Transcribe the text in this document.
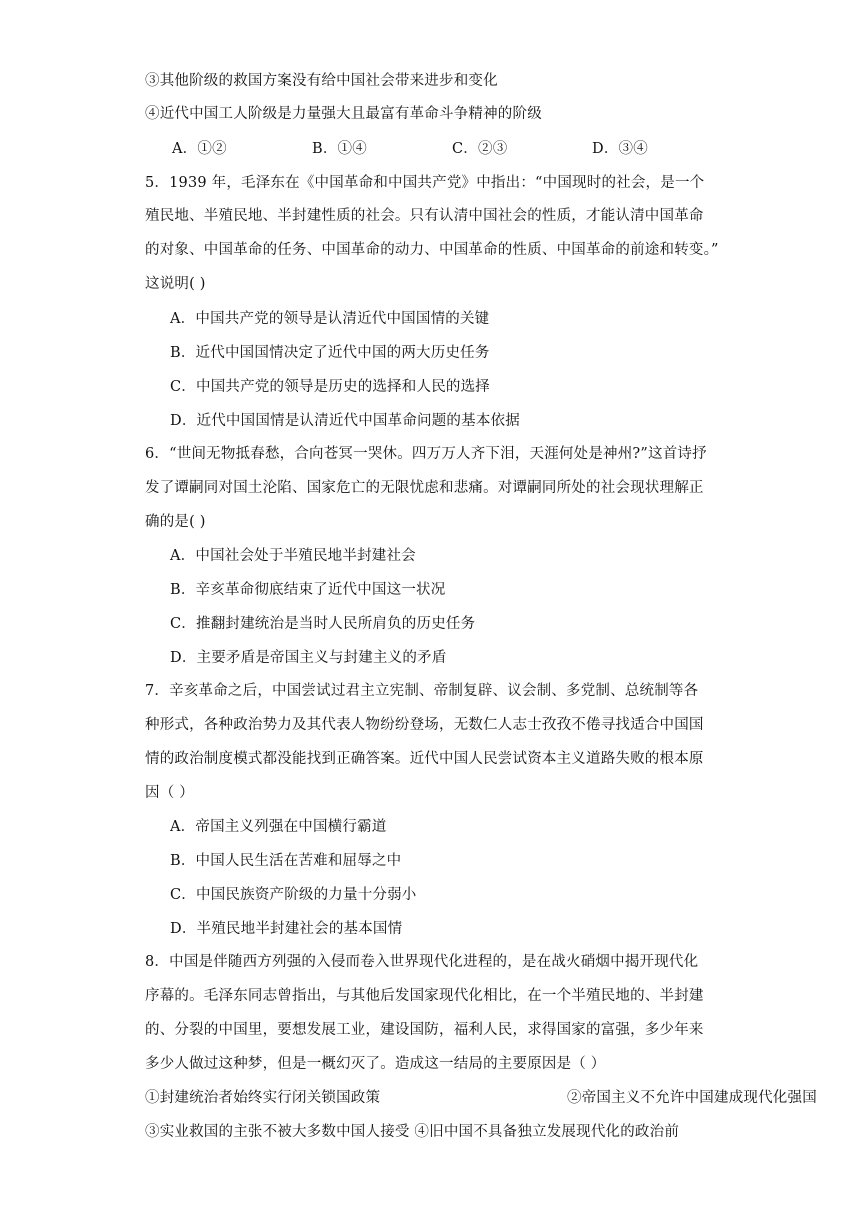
③其他阶级的救国方案没有给中国社会带来进步和变化
④近代中国工人阶级是力量强大且最富有革命斗争精神的阶级
A．①②	B．①④	C．②③	D．③④
5．1939 年，毛泽东在《中国革命和中国共产党》中指出：“中国现时的社会，是一个
殖民地、半殖民地、半封建性质的社会。只有认清中国社会的性质，才能认清中国革命
的对象、中国革命的任务、中国革命的动力、中国革命的性质、中国革命的前途和转变。”
这说明( )
A．中国共产党的领导是认清近代中国国情的关键
B．近代中国国情决定了近代中国的两大历史任务
C．中国共产党的领导是历史的选择和人民的选择
D．近代中国国情是认清近代中国革命问题的基本依据
6．“世间无物抵春愁，合向苍冥一哭休。四万万人齐下泪，天涯何处是神州?”这首诗抒
发了谭嗣同对国土沦陷、国家危亡的无限忧虑和悲痛。对谭嗣同所处的社会现状理解正
确的是( )
A．中国社会处于半殖民地半封建社会
B．辛亥革命彻底结束了近代中国这一状况
C．推翻封建统治是当时人民所肩负的历史任务
D．主要矛盾是帝国主义与封建主义的矛盾
7．辛亥革命之后，中国尝试过君主立宪制、帝制复辟、议会制、多党制、总统制等各
种形式，各种政治势力及其代表人物纷纷登场，无数仁人志士孜孜不倦寻找适合中国国
情的政治制度模式都没能找到正确答案。近代中国人民尝试资本主义道路失败的根本原
因（ ）
A．帝国主义列强在中国横行霸道
B．中国人民生活在苦难和屈辱之中
C．中国民族资产阶级的力量十分弱小
D．半殖民地半封建社会的基本国情
8．中国是伴随西方列强的入侵而卷入世界现代化进程的，是在战火硝烟中揭开现代化
序幕的。毛泽东同志曾指出，与其他后发国家现代化相比，在一个半殖民地的、半封建
的、分裂的中国里，要想发展工业，建设国防，福利人民，求得国家的富强，多少年来
多少人做过这种梦，但是一概幻灭了。造成这一结局的主要原因是（ ）
①封建统治者始终实行闭关锁国政策	②帝国主义不允许中国建成现代化强国
③实业救国的主张不被大多数中国人接受 ④旧中国不具备独立发展现代化的政治前
